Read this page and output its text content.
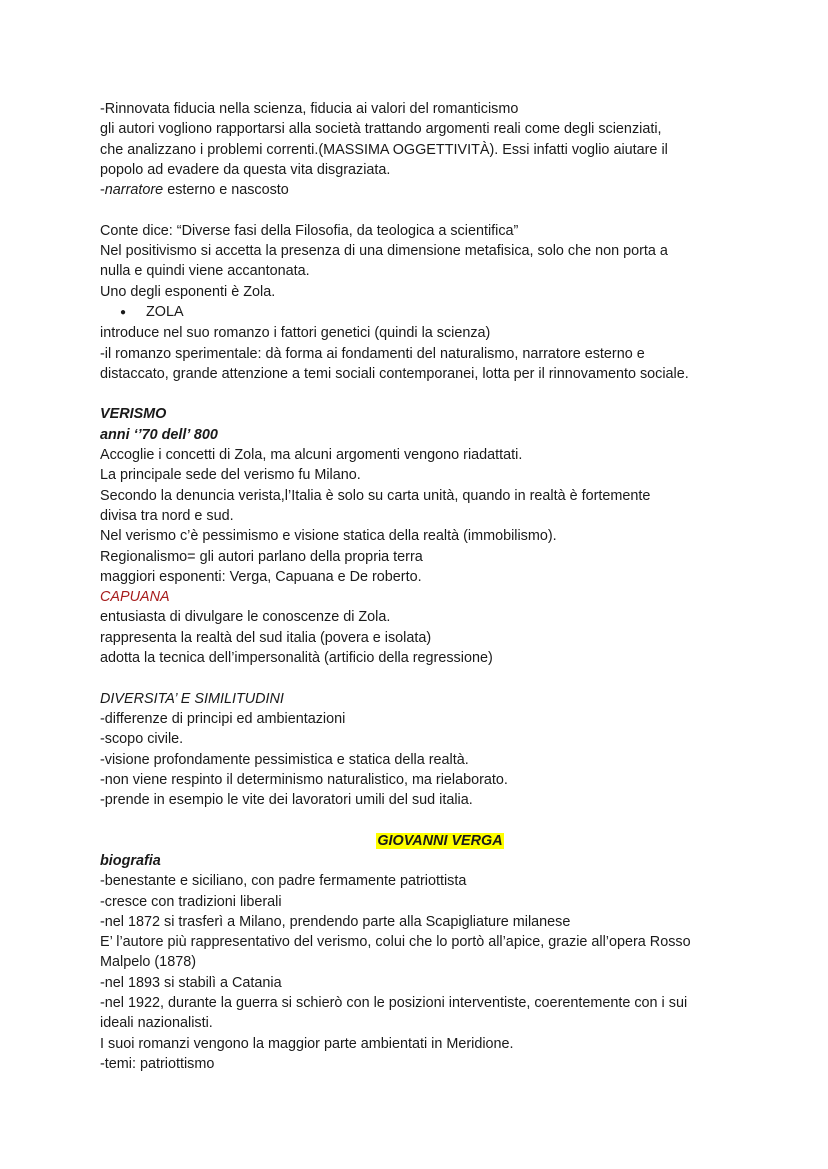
-Rinnovata fiducia nella scienza, fiducia ai valori del romanticismo
gli autori vogliono rapportarsi alla società trattando argomenti reali come degli scienziati,
che analizzano i problemi correnti.(MASSIMA OGGETTIVITÀ). Essi infatti voglio aiutare il
popolo ad evadere da questa vita disgraziata.
-narratore esterno e nascosto
Conte dice: “Diverse fasi della Filosofia, da teologica a scientifica”
Nel positivismo si accetta la presenza di una dimensione metafisica, solo che non porta a
nulla e quindi viene accantonata.
Uno degli esponenti è Zola.
● ZOLA
introduce nel suo romanzo i fattori genetici (quindi la scienza)
-il romanzo sperimentale: dà forma ai fondamenti del naturalismo, narratore esterno e
distaccato, grande attenzione a temi sociali contemporanei, lotta per il rinnovamento sociale.
VERISMO
anni ‘’70 dell’ 800
Accoglie i concetti di Zola, ma alcuni argomenti vengono riadattati.
La principale sede del verismo fu Milano.
Secondo la denuncia verista,l’Italia è solo su carta unità, quando in realtà è fortemente
divisa tra nord e sud.
Nel verismo c’è pessimismo e visione statica della realtà (immobilismo).
Regionalismo= gli autori parlano della propria terra
maggiori esponenti: Verga, Capuana e De roberto.
CAPUANA
entusiasta di divulgare le conoscenze di Zola.
rappresenta la realtà del sud italia (povera e isolata)
adotta la tecnica dell’impersonalità (artificio della regressione)
DIVERSITA’ E SIMILITUDINI
-differenze di principi ed ambientazioni
-scopo civile.
-visione profondamente pessimistica e statica della realtà.
-non viene respinto il determinismo naturalistico, ma rielaborato.
-prende in esempio le vite dei lavoratori umili del sud italia.
GIOVANNI VERGA
biografia
-benestante e siciliano, con padre fermamente patriottista
-cresce con tradizioni liberali
-nel 1872 si trasferì a Milano, prendendo parte alla Scapigliature milanese
E’ l’autore più rappresentativo del verismo, colui che lo portò all’apice, grazie all’opera Rosso
Malpelo (1878)
-nel 1893 si stabilì a Catania
-nel 1922, durante la guerra si schierò con le posizioni interventiste, coerentemente con i sui
ideali nazionalisti.
I suoi romanzi vengono la maggior parte ambientati in Meridione.
-temi: patriottismo
